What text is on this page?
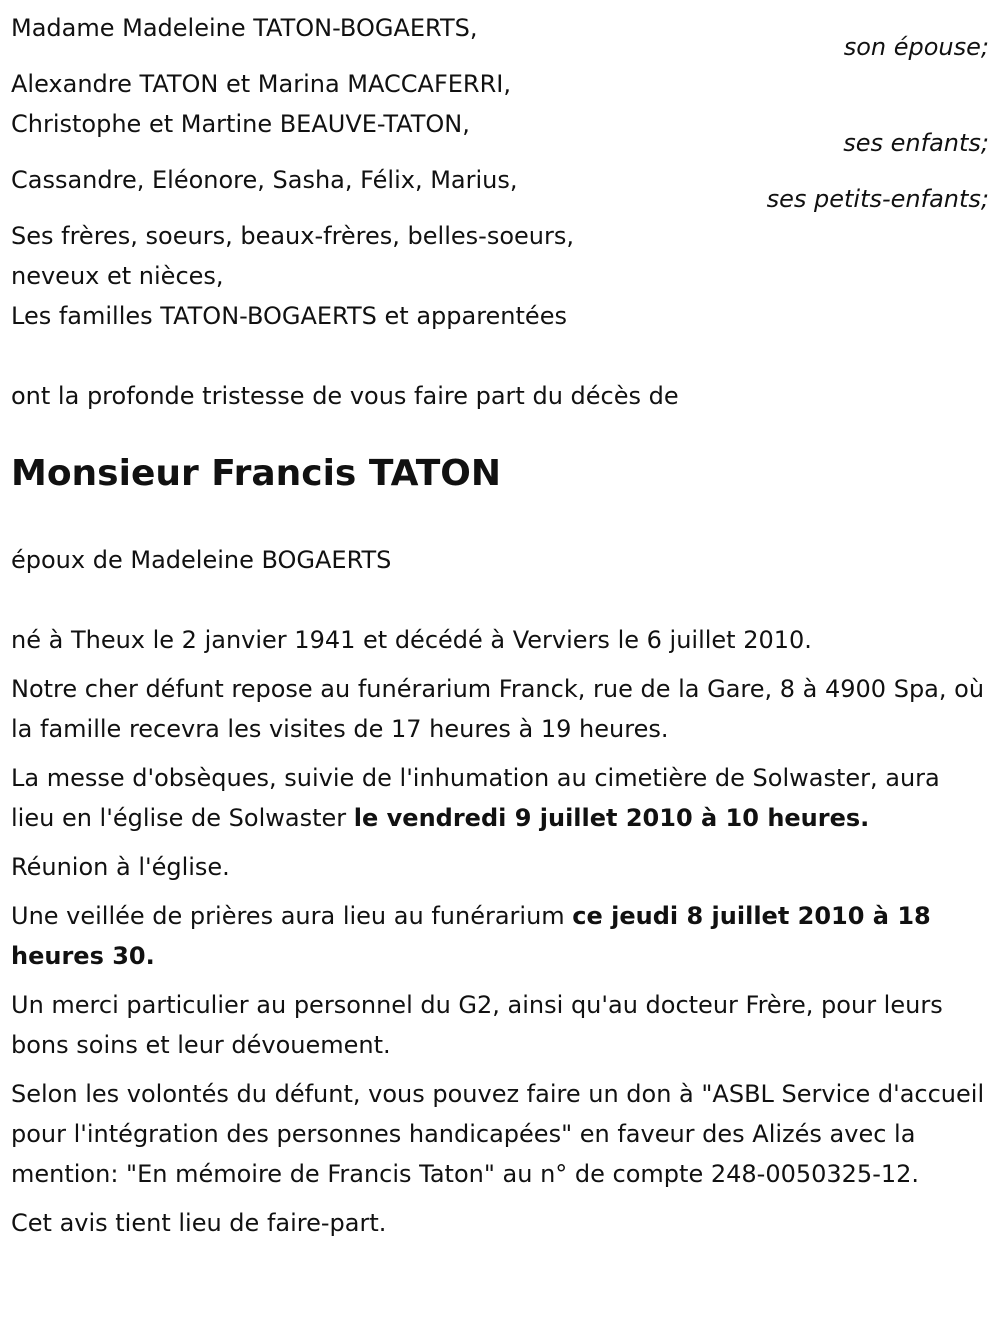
Madame Madeleine TATON-BOGAERTS,
son épouse;
Alexandre TATON et Marina MACCAFERRI,
Christophe et Martine BEAUVE-TATON,
ses enfants;
Cassandre, Eléonore, Sasha, Félix, Marius,
ses petits-enfants;
Ses frères, soeurs, beaux-frères, belles-soeurs,
neveux et nièces,
Les familles TATON-BOGAERTS et apparentées
ont la profonde tristesse de vous faire part du décès de
Monsieur Francis TATON
époux de Madeleine BOGAERTS

né à Theux le 2 janvier 1941 et décédé à Verviers le 6 juillet 2010.

Notre cher défunt repose au funérarium Franck, rue de la Gare, 8 à 4900 Spa, où la famille recevra les visites de 17 heures à 19 heures.

La messe d'obsèques, suivie de l'inhumation au cimetière de Solwaster, aura lieu en l'église de Solwaster le vendredi 9 juillet 2010 à 10 heures.

Réunion à l'église.

Une veillée de prières aura lieu au funérarium ce jeudi 8 juillet 2010 à 18 heures 30.

Un merci particulier au personnel du G2, ainsi qu'au docteur Frère, pour leurs bons soins et leur dévouement.

Selon les volontés du défunt, vous pouvez faire un don à "ASBL Service d'accueil pour l'intégration des personnes handicapées" en faveur des Alizés avec la mention: "En mémoire de Francis Taton" au n° de compte 248-0050325-12.

Cet avis tient lieu de faire-part.
